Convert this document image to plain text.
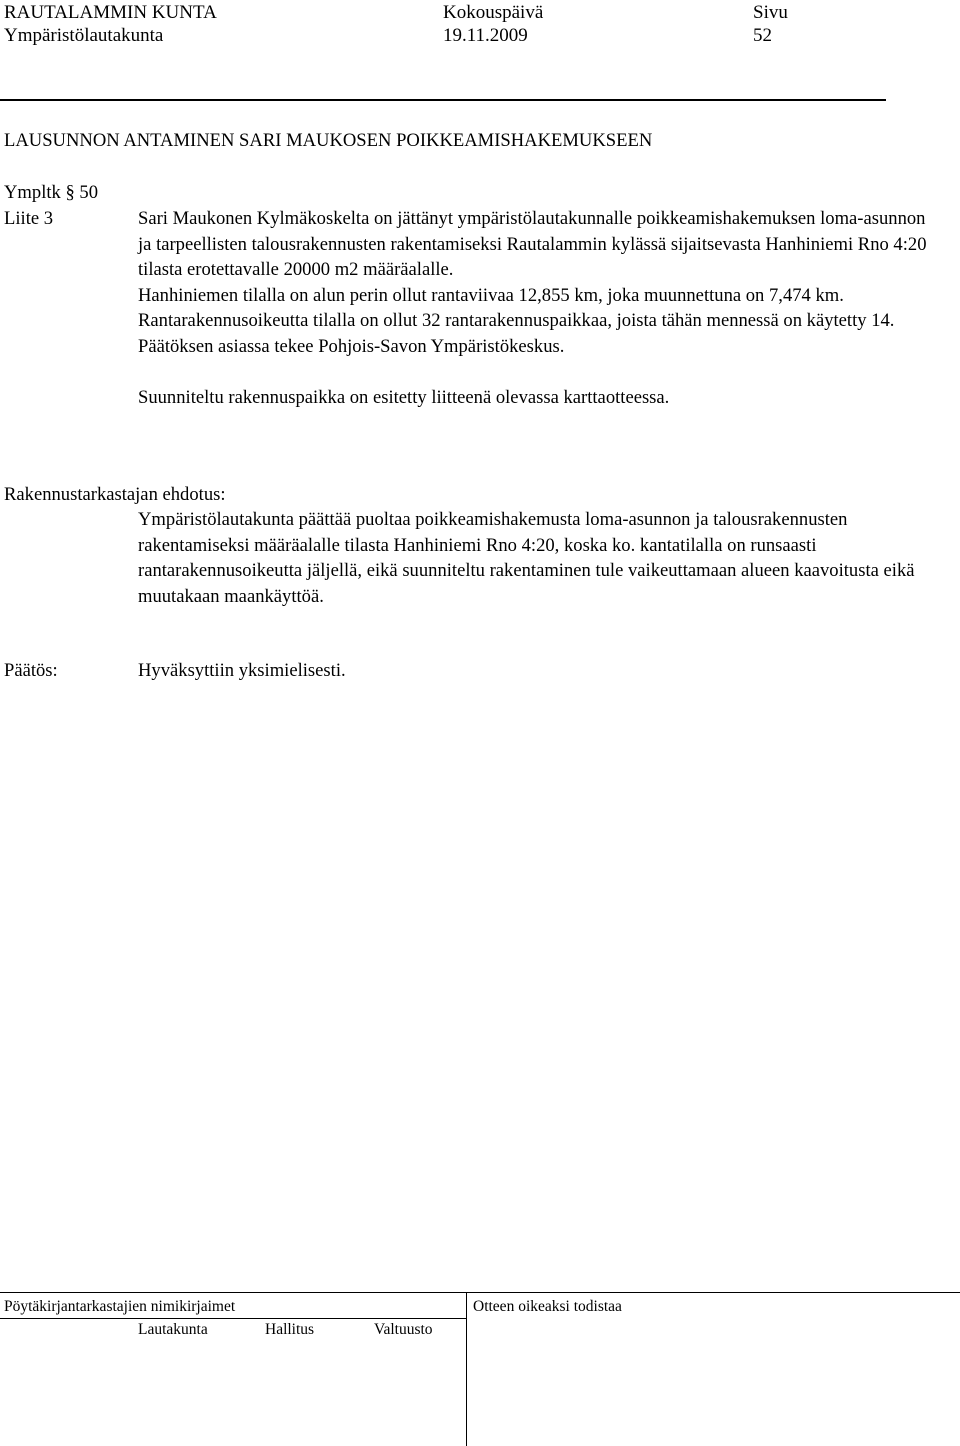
RAUTALAMMIN KUNTA
Ympäristölautakunta
Kokouspäivä
19.11.2009
Sivu
52
LAUSUNNON ANTAMINEN SARI MAUKOSEN POIKKEAMISHAKEMUKSEEN
Ympltk § 50
Liite 3	Sari Maukonen Kylmäkoskelta on jättänyt ympäristölautakunnalle poikkeamishakemuksen loma-asunnon ja tarpeellisten talousrakennusten rakentamiseksi Rautalammin kylässä sijaitsevasta Hanhiniemi Rno 4:20 tilasta erotettavalle 20000 m2 määräalalle.

Hanhiniemen tilalla on alun perin ollut rantaviivaa 12,855 km, joka muunnettuna on 7,474 km. Rantarakennusoikeutta tilalla on ollut 32 rantarakennuspaikkaa, joista tähän mennessä on käytetty 14.

Päätöksen asiassa tekee Pohjois-Savon Ympäristökeskus.

Suunniteltu rakennuspaikka on esitetty liitteenä olevassa karttaotteessa.

Rakennustarkastajan ehdotus:

Ympäristölautakunta päättää puoltaa poikkeamishakemusta loma-asunnon ja talousrakennusten rakentamiseksi määräalalle tilasta Hanhiniemi Rno 4:20, koska ko. kantatilalla on runsaasti rantarakennusoikeutta jäljellä, eikä suunniteltu rakentaminen tule vaikeuttamaan alueen kaavoitusta eikä muutakaan maankäyttöä.

Päätös:	Hyväksyttiin yksimielisesti.
Pöytäkirjantarkastajien nimikirjaimet	Otteen oikeaksi todistaa
Lautakunta	Hallitus	Valtuusto
